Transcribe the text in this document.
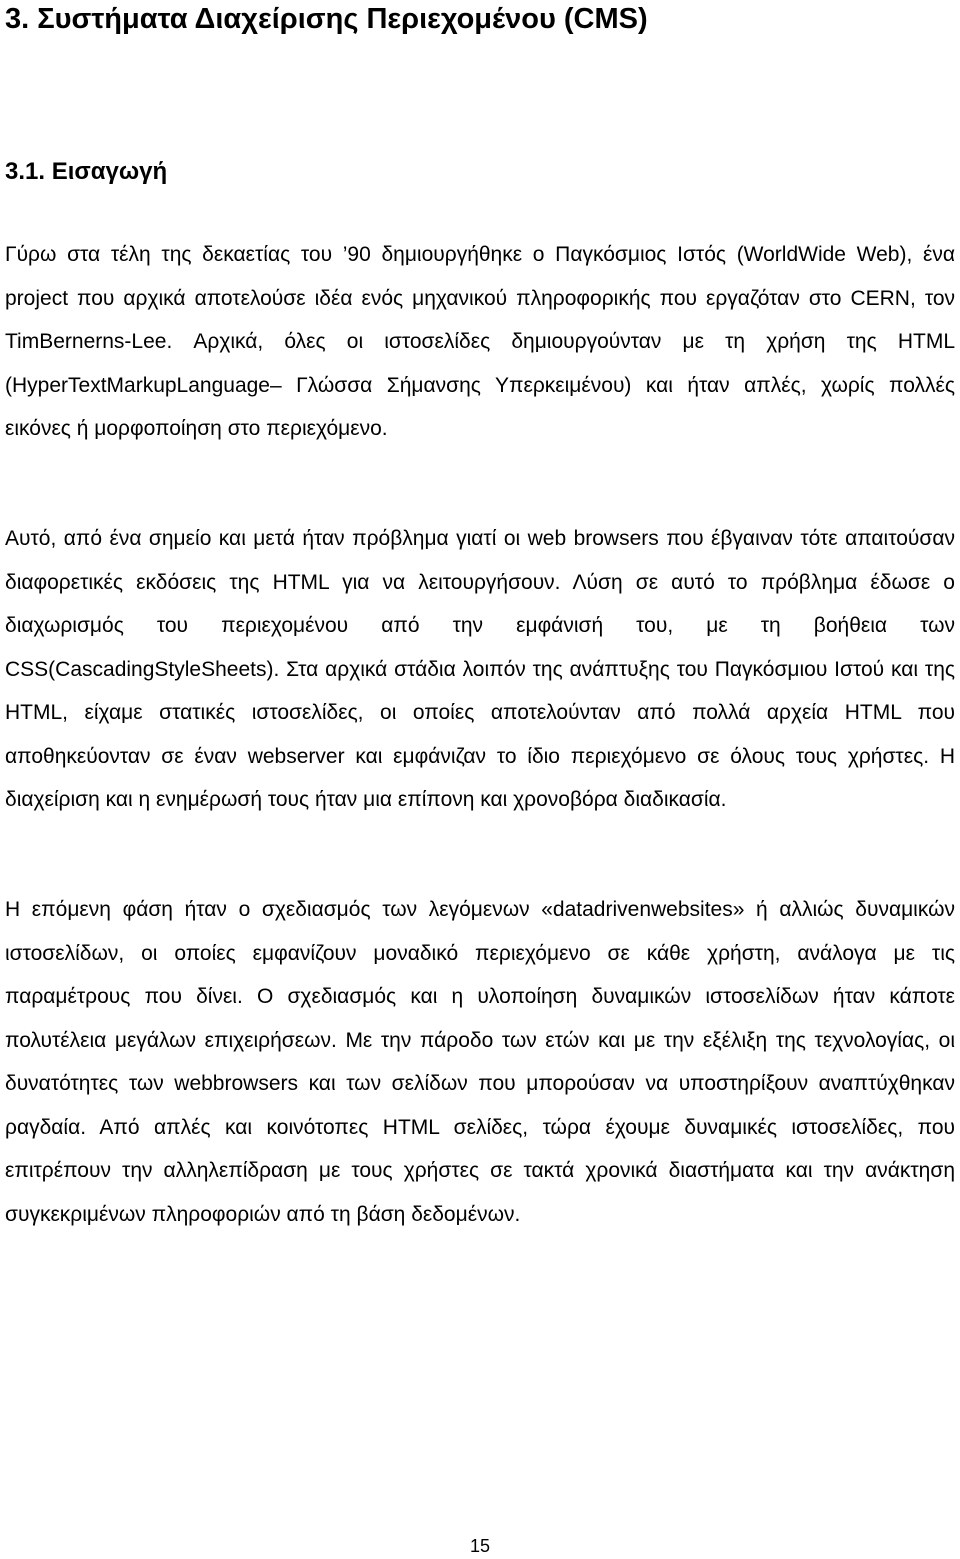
3. Συστήματα Διαχείρισης Περιεχομένου (CMS)
3.1. Εισαγωγή

Γύρω στα τέλη της δεκαετίας του ’90 δημιουργήθηκε ο Παγκόσμιος Ιστός (WorldWide Web), ένα project που αρχικά αποτελούσε ιδέα ενός μηχανικού πληροφορικής που εργαζόταν στο CERN, τον TimBernerns-Lee. Αρχικά, όλες οι ιστοσελίδες δημιουργούνταν με τη χρήση της HTML (HyperTextMarkupLanguage– Γλώσσα Σήμανσης Υπερκειμένου) και ήταν απλές, χωρίς πολλές εικόνες ή μορφοποίηση στο περιεχόμενο.

Αυτό, από ένα σημείο και μετά ήταν πρόβλημα γιατί οι web browsers που έβγαιναν τότε απαιτούσαν διαφορετικές εκδόσεις της HTML για να λειτουργήσουν. Λύση σε αυτό το πρόβλημα έδωσε ο διαχωρισμός του περιεχομένου από την εμφάνισή του, με τη βοήθεια των CSS(CascadingStyleSheets). Στα αρχικά στάδια λοιπόν της ανάπτυξης του Παγκόσμιου Ιστού και της HTML, είχαμε στατικές ιστοσελίδες, οι οποίες αποτελούνταν από πολλά αρχεία HTML που αποθηκεύονταν σε έναν webserver και εμφάνιζαν το ίδιο περιεχόμενο σε όλους τους χρήστες. Η διαχείριση και η ενημέρωσή τους ήταν μια επίπονη και χρονοβόρα διαδικασία.

Η επόμενη φάση ήταν ο σχεδιασμός των λεγόμενων «datadrivenwebsites» ή αλλιώς δυναμικών ιστοσελίδων, οι οποίες εμφανίζουν μοναδικό περιεχόμενο σε κάθε χρήστη, ανάλογα με τις παραμέτρους που δίνει. Ο σχεδιασμός και η υλοποίηση δυναμικών ιστοσελίδων ήταν κάποτε πολυτέλεια μεγάλων επιχειρήσεων. Με την πάροδο των ετών και με την εξέλιξη της τεχνολογίας, οι δυνατότητες των webbrowsers και των σελίδων που μπορούσαν να υποστηρίξουν αναπτύχθηκαν ραγδαία. Από απλές και κοινότοπες HTML σελίδες, τώρα έχουμε δυναμικές ιστοσελίδες, που επιτρέπουν την αλληλεπίδραση με τους χρήστες σε τακτά χρονικά διαστήματα και την ανάκτηση συγκεκριμένων πληροφοριών από τη βάση δεδομένων.

15
